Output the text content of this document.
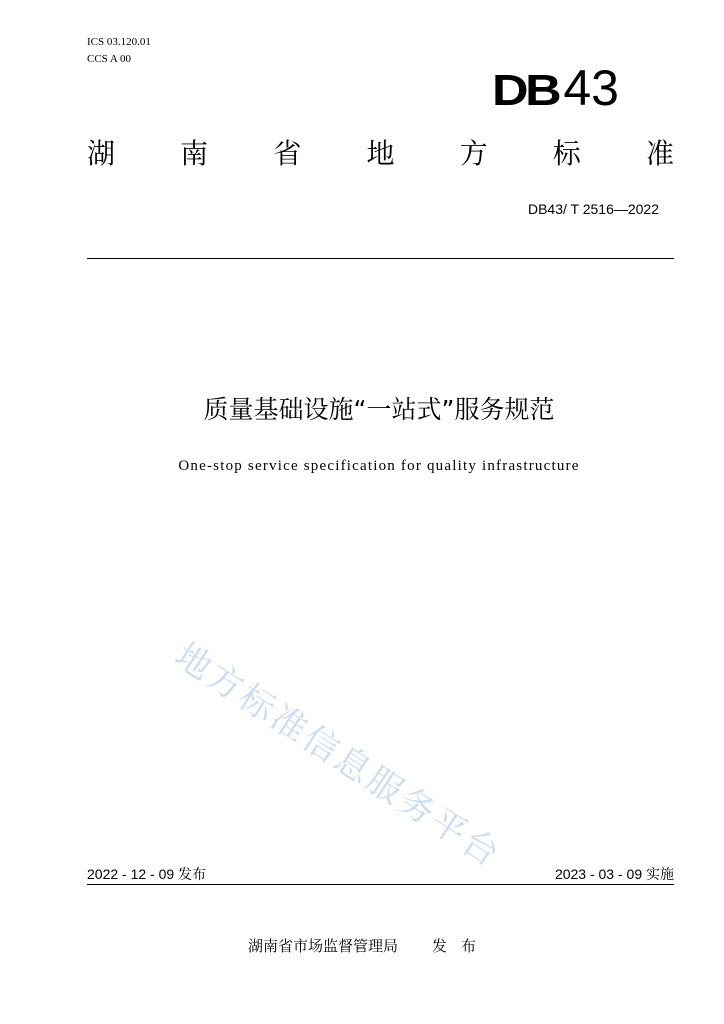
ICS 03.120.01
CCS A 00
DB 43
湖 南 省 地 方 标 准
DB43/ T 2516—2022
质量基础设施“一站式”服务规范
One-stop service specification for quality infrastructure
地方标准信息服务平台
2022 - 12 - 09 发布	2023 - 03 - 09 实施
湖南省市场监督管理局 发布
